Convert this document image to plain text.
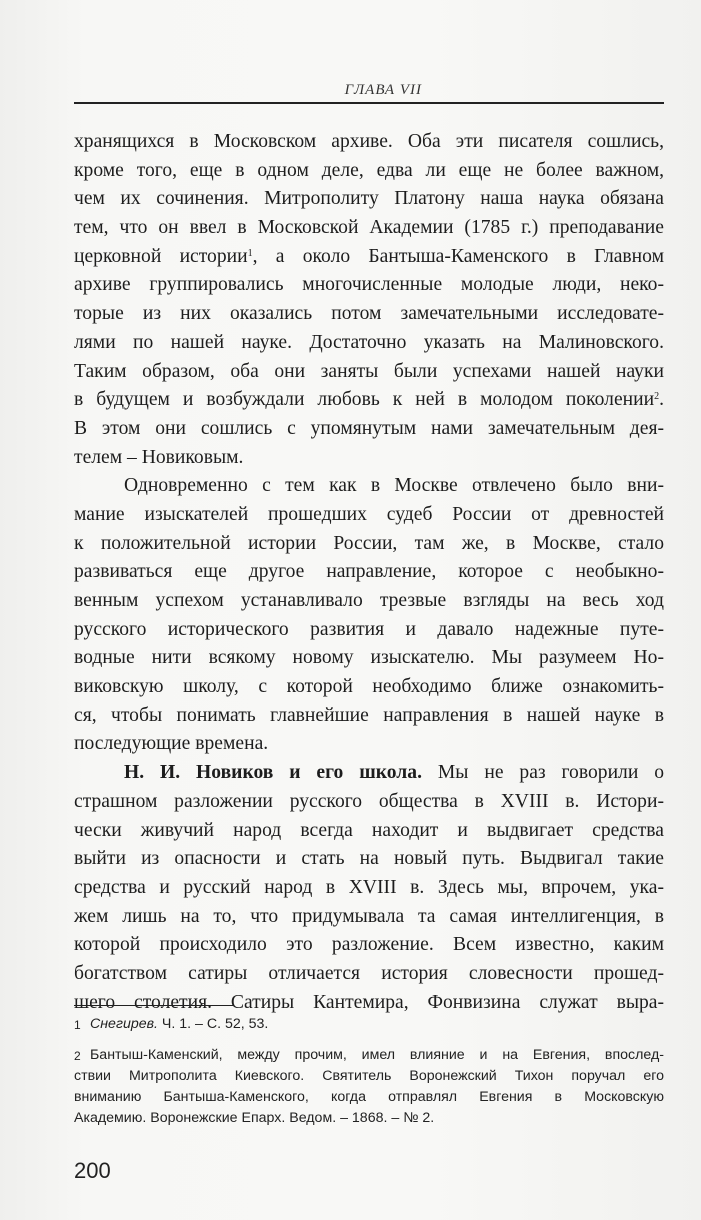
ГЛАВА VII
хранящихся в Московском архиве. Оба эти писателя сошлись,
кроме того, еще в одном деле, едва ли еще не более важном,
чем их сочинения. Митрополиту Платону наша наука обязана
тем, что он ввел в Московской Академии (1785 г.) преподавание
церковной истории$^1$, а около Бантыша-Каменского в Главном
архиве группировались многочисленные молодые люди, неко-
торые из них оказались потом замечательными исследовате-
лями по нашей науке. Достаточно указать на Малиновского.
Таким образом, оба они заняты были успехами нашей науки
в будущем и возбуждали любовь к ней в молодом поколении$^2$.
В этом они сошлись с упомянутым нами замечательным дея-
телем – Новиковым.
Одновременно с тем как в Москве отвлечено было вни-
мание изыскателей прошедших судеб России от древностей
к положительной истории России, там же, в Москве, стало
развиваться еще другое направление, которое с необыкно-
венным успехом устанавливало трезвые взгляды на весь ход
русского исторического развития и давало надежные путе-
водные нити всякому новому изыскателю. Мы разумеем Но-
виковскую школу, с которой необходимо ближе ознакомить-
ся, чтобы понимать главнейшие направления в нашей науке в
последующие времена.
Н. И. Новиков и его школа. Мы не раз говорили о
страшном разложении русского общества в XVIII в. Истори-
чески живучий народ всегда находит и выдвигает средства
выйти из опасности и стать на новый путь. Выдвигал такие
средства и русский народ в XVIII в. Здесь мы, впрочем, ука-
жем лишь на то, что придумывала та самая интеллигенция, в
которой происходило это разложение. Всем известно, каким
богатством сатиры отличается история словесности прошед-
шего столетия. Сатиры Кантемира, Фонвизина служат выра-
1 Снегирев. Ч. 1. – С. 52, 53.
2 Бантыш-Каменский, между прочим, имел влияние и на Евгения, впослед-
ствии Митрополита Киевского. Святитель Воронежский Тихон поручал его
вниманию Бантыша-Каменского, когда отправлял Евгения в Московскую
Академию. Воронежские Епарх. Ведом. – 1868. – № 2.
200
